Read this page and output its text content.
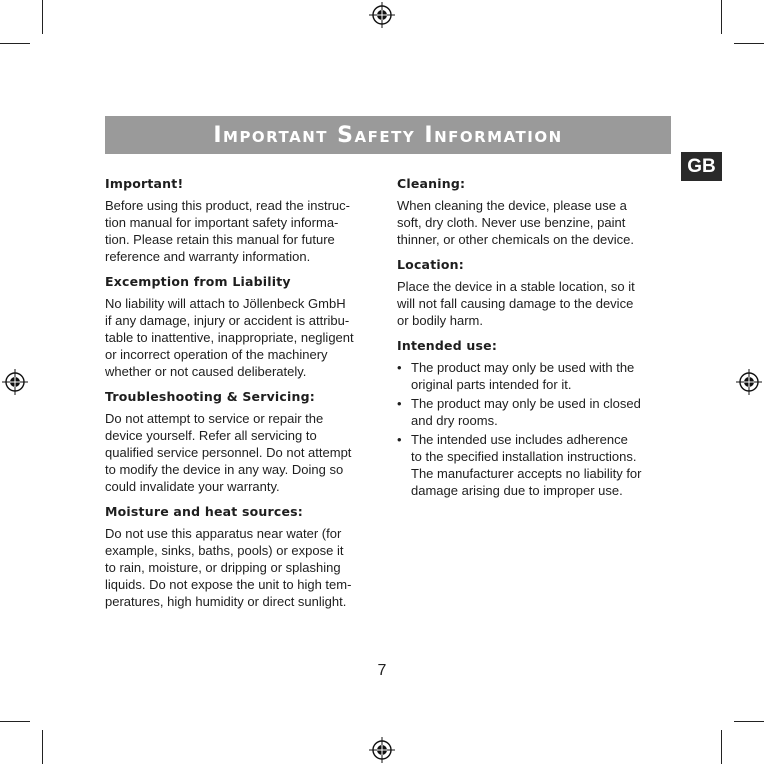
Important Safety Information
GB
Important!
Before using this product, read the instruc-
tion manual for important safety informa-
tion. Please retain this manual for future
reference and warranty information.
Excemption from Liability
No liability will attach to Jöllenbeck GmbH
if any damage, injury or accident is attribu-
table to inattentive, inappropriate, negligent
or incorrect operation of the machinery
whether or not caused deliberately.
Troubleshooting & Servicing:
Do not attempt to service or repair the
device yourself. Refer all servicing to
qualified service personnel. Do not attempt
to modify the device in any way. Doing so
could invalidate your warranty.
Moisture and heat sources:
Do not use this apparatus near water (for
example, sinks, baths, pools) or expose it
to rain, moisture, or dripping or splashing
liquids. Do not expose the unit to high tem-
peratures, high humidity or direct sunlight.
Cleaning:
When cleaning the device, please use a
soft, dry cloth. Never use benzine, paint
thinner, or other chemicals on the device.
Location:
Place the device in a stable location, so it
will not fall causing damage to the device
or bodily harm.
Intended use:
• The product may only be used with the
original parts intended for it.
• The product may only be used in closed
and dry rooms.
• The intended use includes adherence
to the specified installation instructions.
The manufacturer accepts no liability for
damage arising due to improper use.
7
